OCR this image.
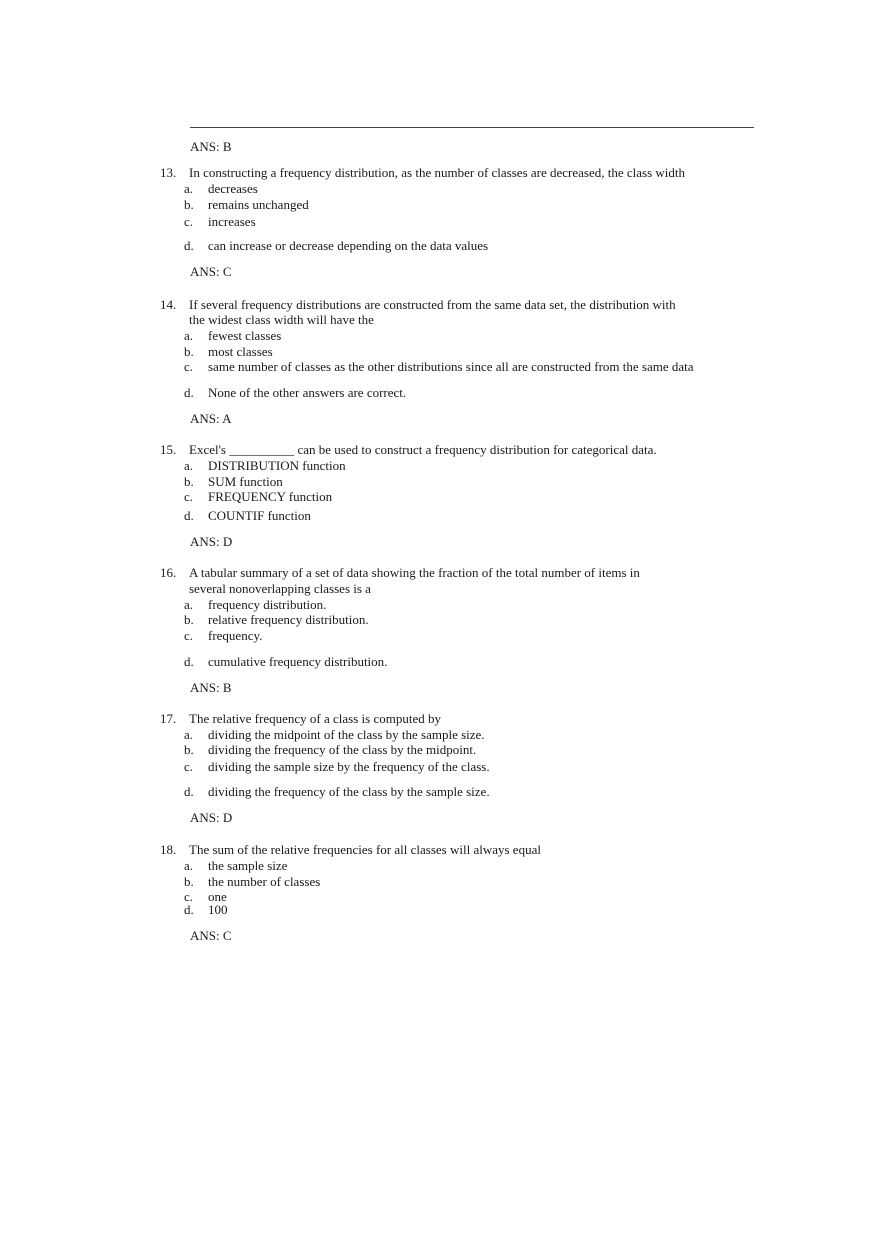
ANS: B
13. In constructing a frequency distribution, as the number of classes are decreased, the class width
a. decreases
b. remains unchanged
c. increases
d. can increase or decrease depending on the data values
ANS: C
14. If several frequency distributions are constructed from the same data set, the distribution with
the widest class width will have the
a. fewest classes
b. most classes
c. same number of classes as the other distributions since all are constructed from the same data
d. None of the other answers are correct.
ANS: A
15. Excel's __________ can be used to construct a frequency distribution for categorical data.
a. DISTRIBUTION function
b. SUM function
c. FREQUENCY function
d. COUNTIF function
ANS: D
16. A tabular summary of a set of data showing the fraction of the total number of items in
several nonoverlapping classes is a
a. frequency distribution.
b. relative frequency distribution.
c. frequency.
d. cumulative frequency distribution.
ANS: B
17. The relative frequency of a class is computed by
a. dividing the midpoint of the class by the sample size.
b. dividing the frequency of the class by the midpoint.
c. dividing the sample size by the frequency of the class.
d. dividing the frequency of the class by the sample size.
ANS: D
18. The sum of the relative frequencies for all classes will always equal
a. the sample size
b. the number of classes
c. one
d. 100
ANS: C
